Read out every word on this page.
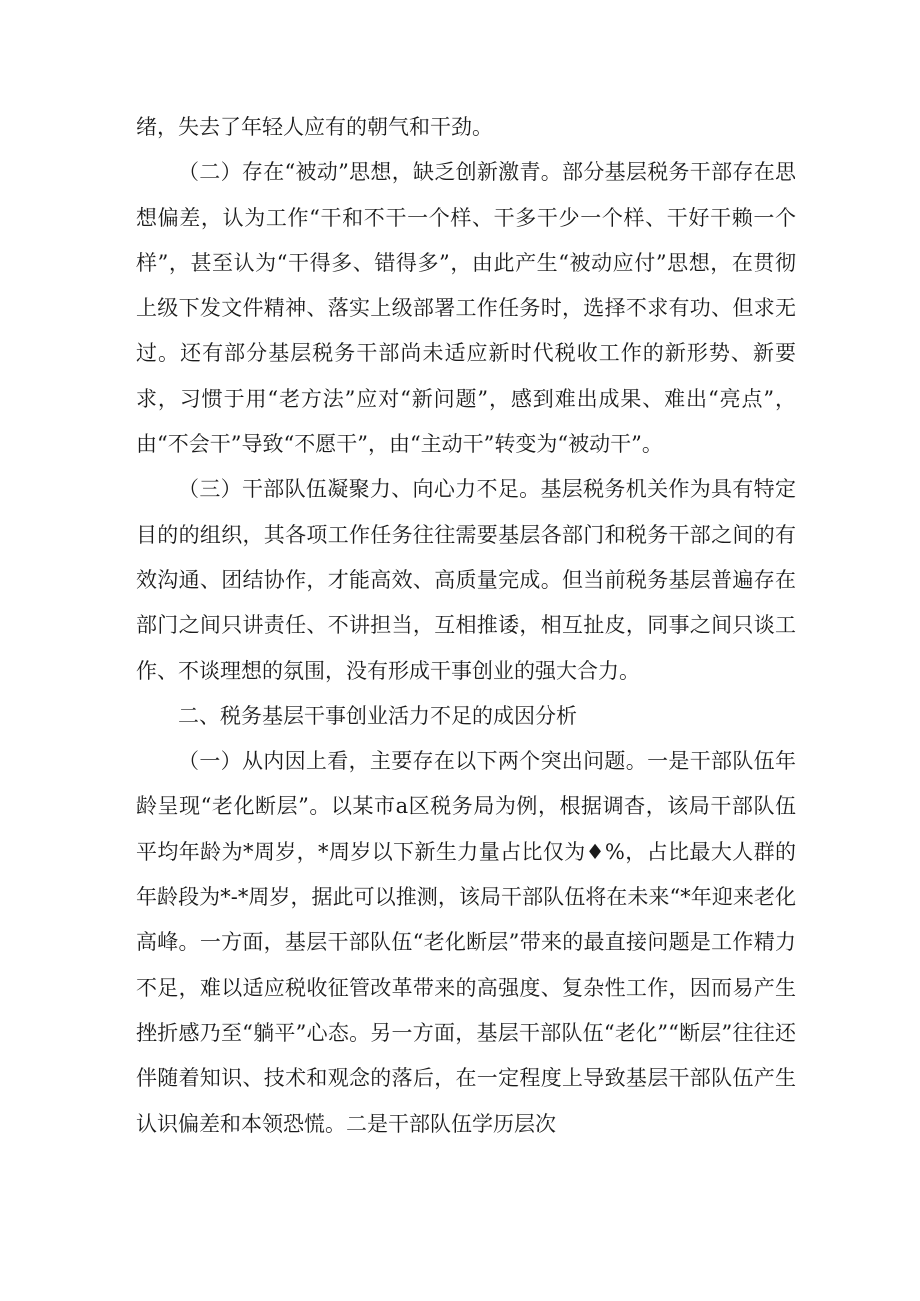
绪，失去了年轻人应有的朝气和干劲。

（二）存在“被动”思想，缺乏创新激青。部分基层税务干部存在思想偏差，认为工作“干和不干一个样、干多干少一个样、干好干赖一个样”，甚至认为“干得多、错得多”，由此产生“被动应付”思想，在贯彻上级下发文件精神、落实上级部署工作任务时，选择不求有功、但求无过。还有部分基层税务干部尚未适应新时代税收工作的新形势、新要求，习惯于用“老方法”应对“新问题”，感到难出成果、难出“亮点”，由“不会干”导致“不愿干”，由“主动干”转变为“被动干”。

（三）干部队伍凝聚力、向心力不足。基层税务机关作为具有特定目的的组织，其各项工作任务往往需要基层各部门和税务干部之间的有效沟通、团结协作，才能高效、高质量完成。但当前税务基层普遍存在部门之间只讲责任、不讲担当，互相推诿，相互扯皮，同事之间只谈工作、不谈理想的氛围，没有形成干事创业的强大合力。

二、税务基层干事创业活力不足的成因分析

（一）从内因上看，主要存在以下两个突出问题。一是干部队伍年龄呈现“老化断层”。以某市a区税务局为例，根据调杳，该局干部队伍平均年龄为*周岁，*周岁以下新生力量占比仅为♦%，占比最大人群的年龄段为*-*周岁，据此可以推测，该局干部队伍将在未来“*年迎来老化高峰。一方面，基层干部队伍“老化断层”带来的最直接问题是工作精力不足，难以适应税收征管改革带来的高强度、复杂性工作，因而易产生挫折感乃至“躺平”心态。另一方面，基层干部队伍“老化”“断层”往往还伴随着知识、技术和观念的落后，在一定程度上导致基层干部队伍产生认识偏差和本领恐慌。二是干部队伍学历层次
